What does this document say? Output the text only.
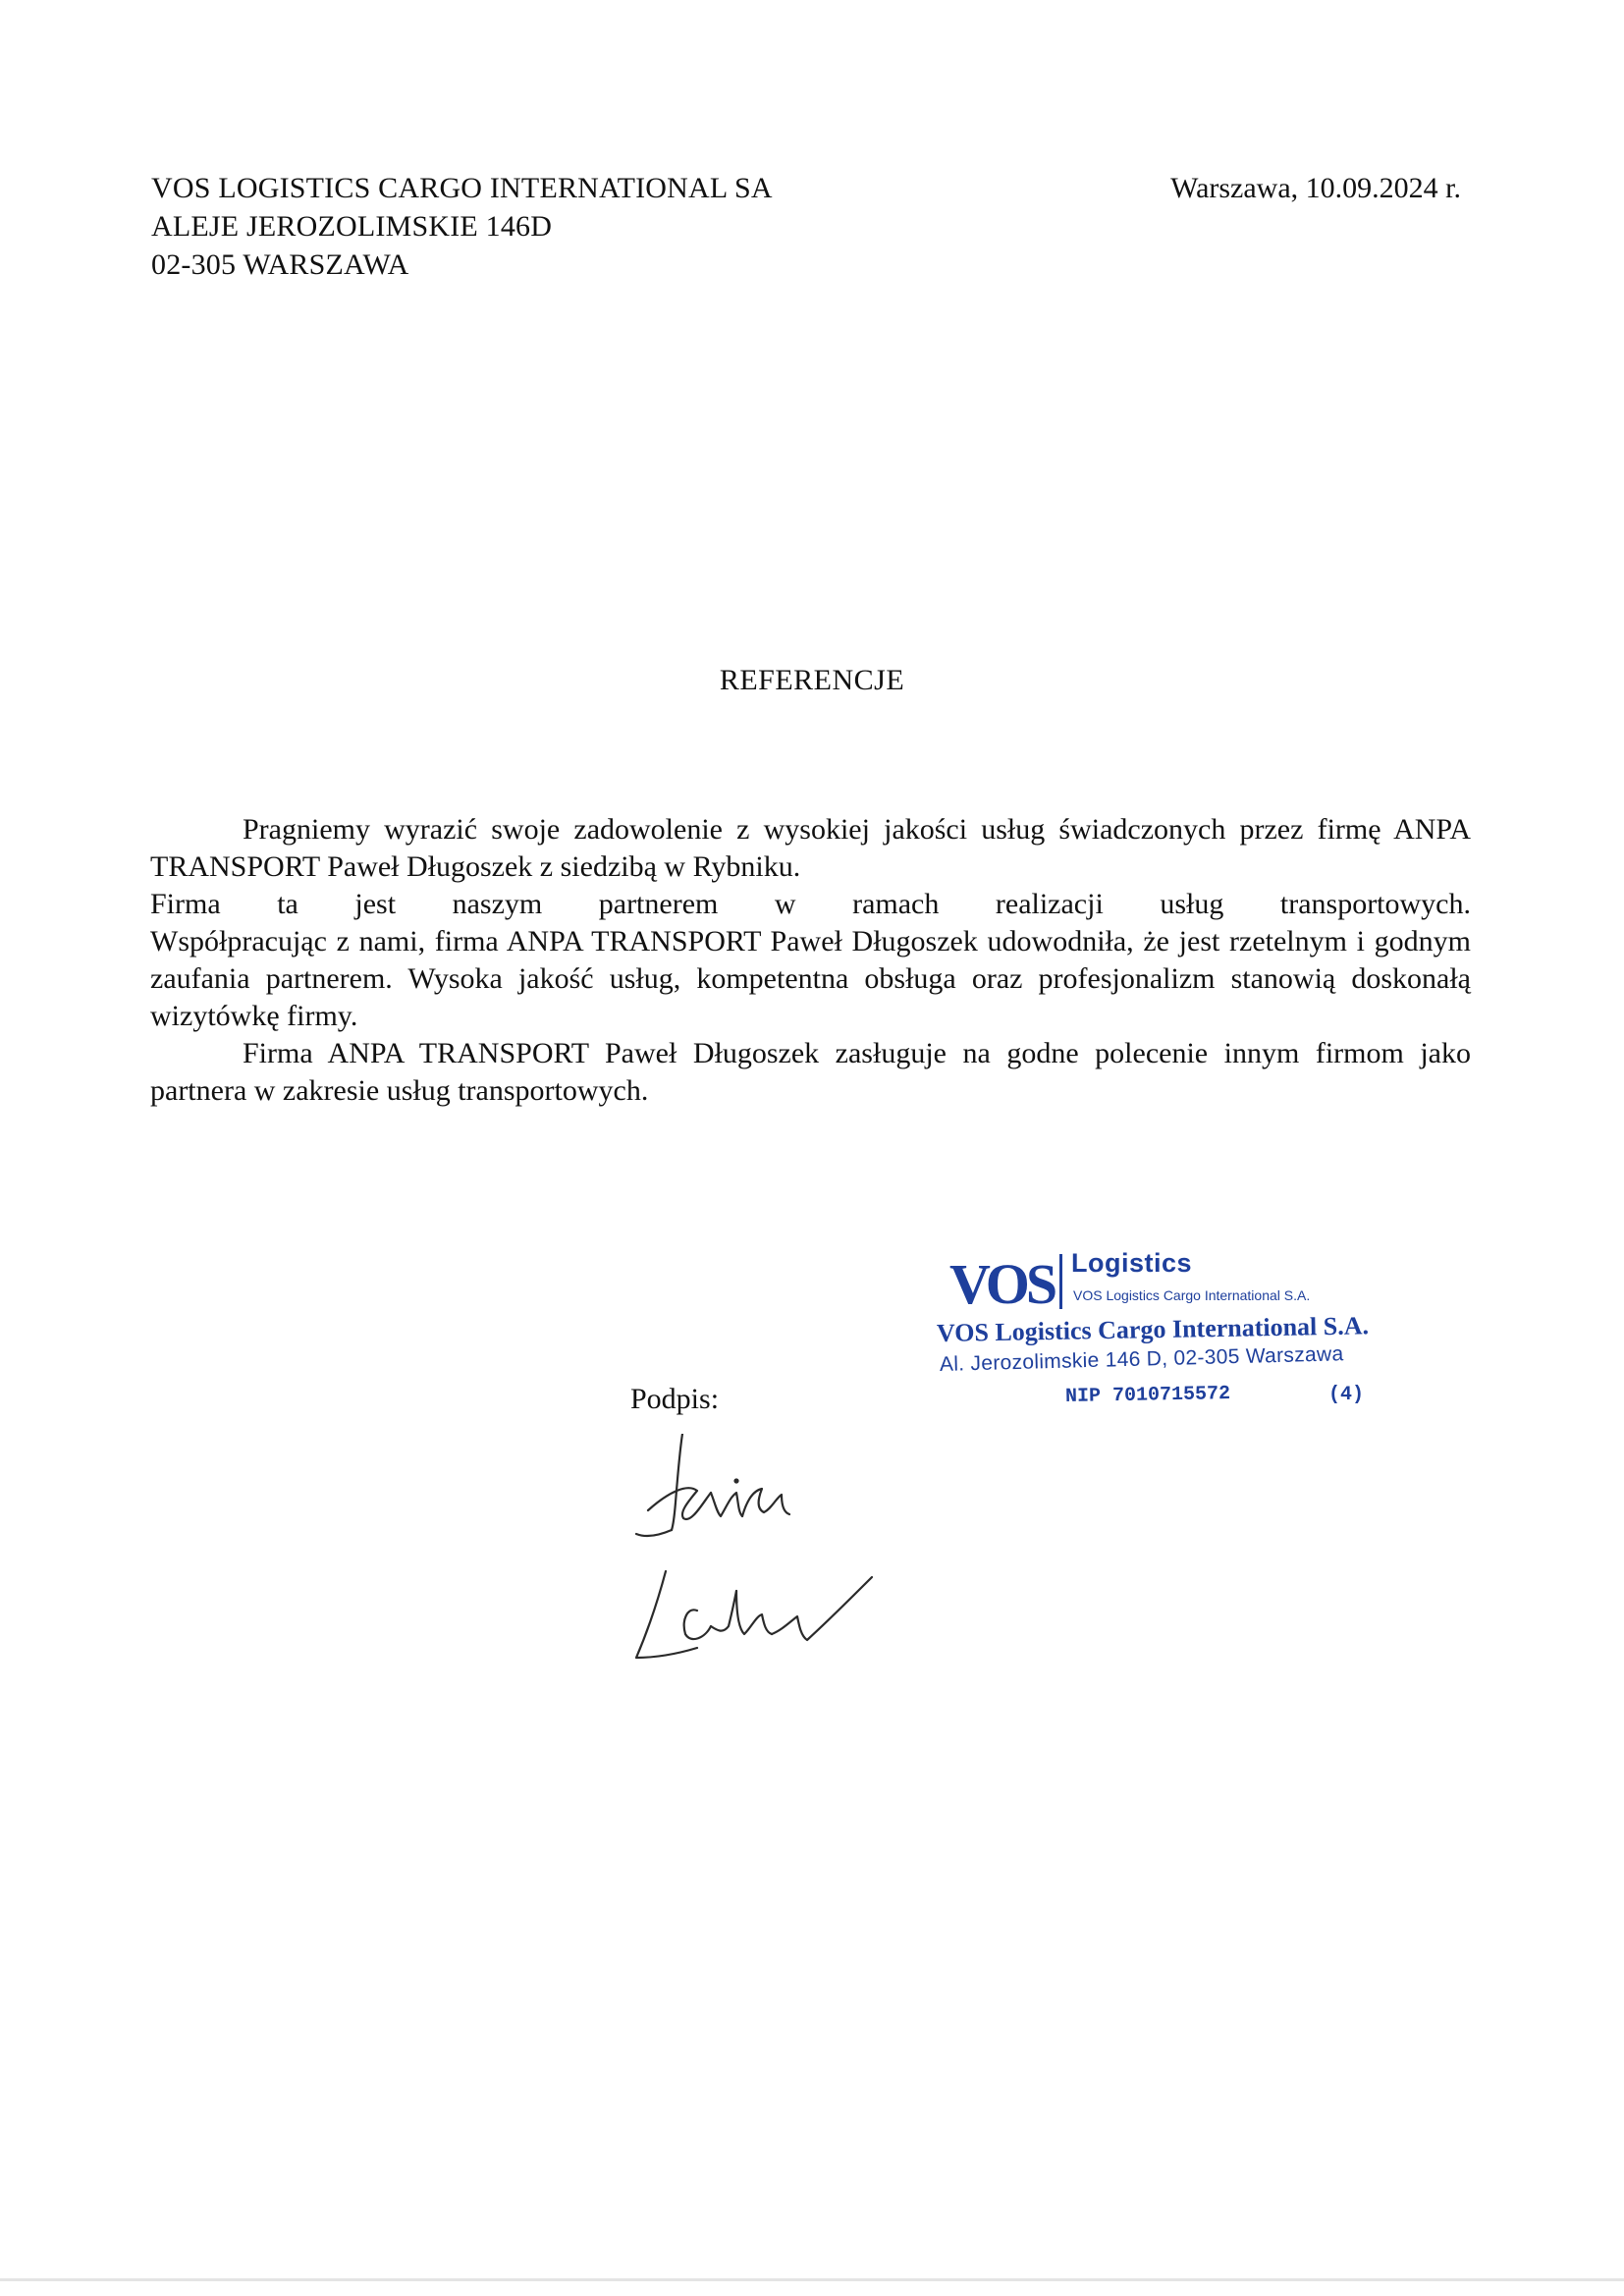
VOS LOGISTICS CARGO INTERNATIONAL SA
ALEJE JEROZOLIMSKIE 146D
02-305 WARSZAWA
Warszawa, 10.09.2024 r.
REFERENCJE

Pragniemy wyrazić swoje zadowolenie z wysokiej jakości usług świadczonych przez firmę ANPA TRANSPORT Paweł Długoszek z siedzibą w Rybniku.

Firma ta jest naszym partnerem w ramach realizacji usług transportowych.

Współpracując z nami, firma ANPA TRANSPORT Paweł Długoszek udowodniła, że jest rzetelnym i godnym zaufania partnerem. Wysoka jakość usług, kompetentna obsługa oraz profesjonalizm stanowią doskonałą wizytówkę firmy.

Firma ANPA TRANSPORT Paweł Długoszek zasługuje na godne polecenie innym firmom jako partnera w zakresie usług transportowych.

VOS Logistics
VOS Logistics Cargo International S.A.
VOS Logistics Cargo International S.A.
Al. Jerozolimskie 146 D, 02-305 Warszawa
NIP 7010715572	(4)
Podpis:
